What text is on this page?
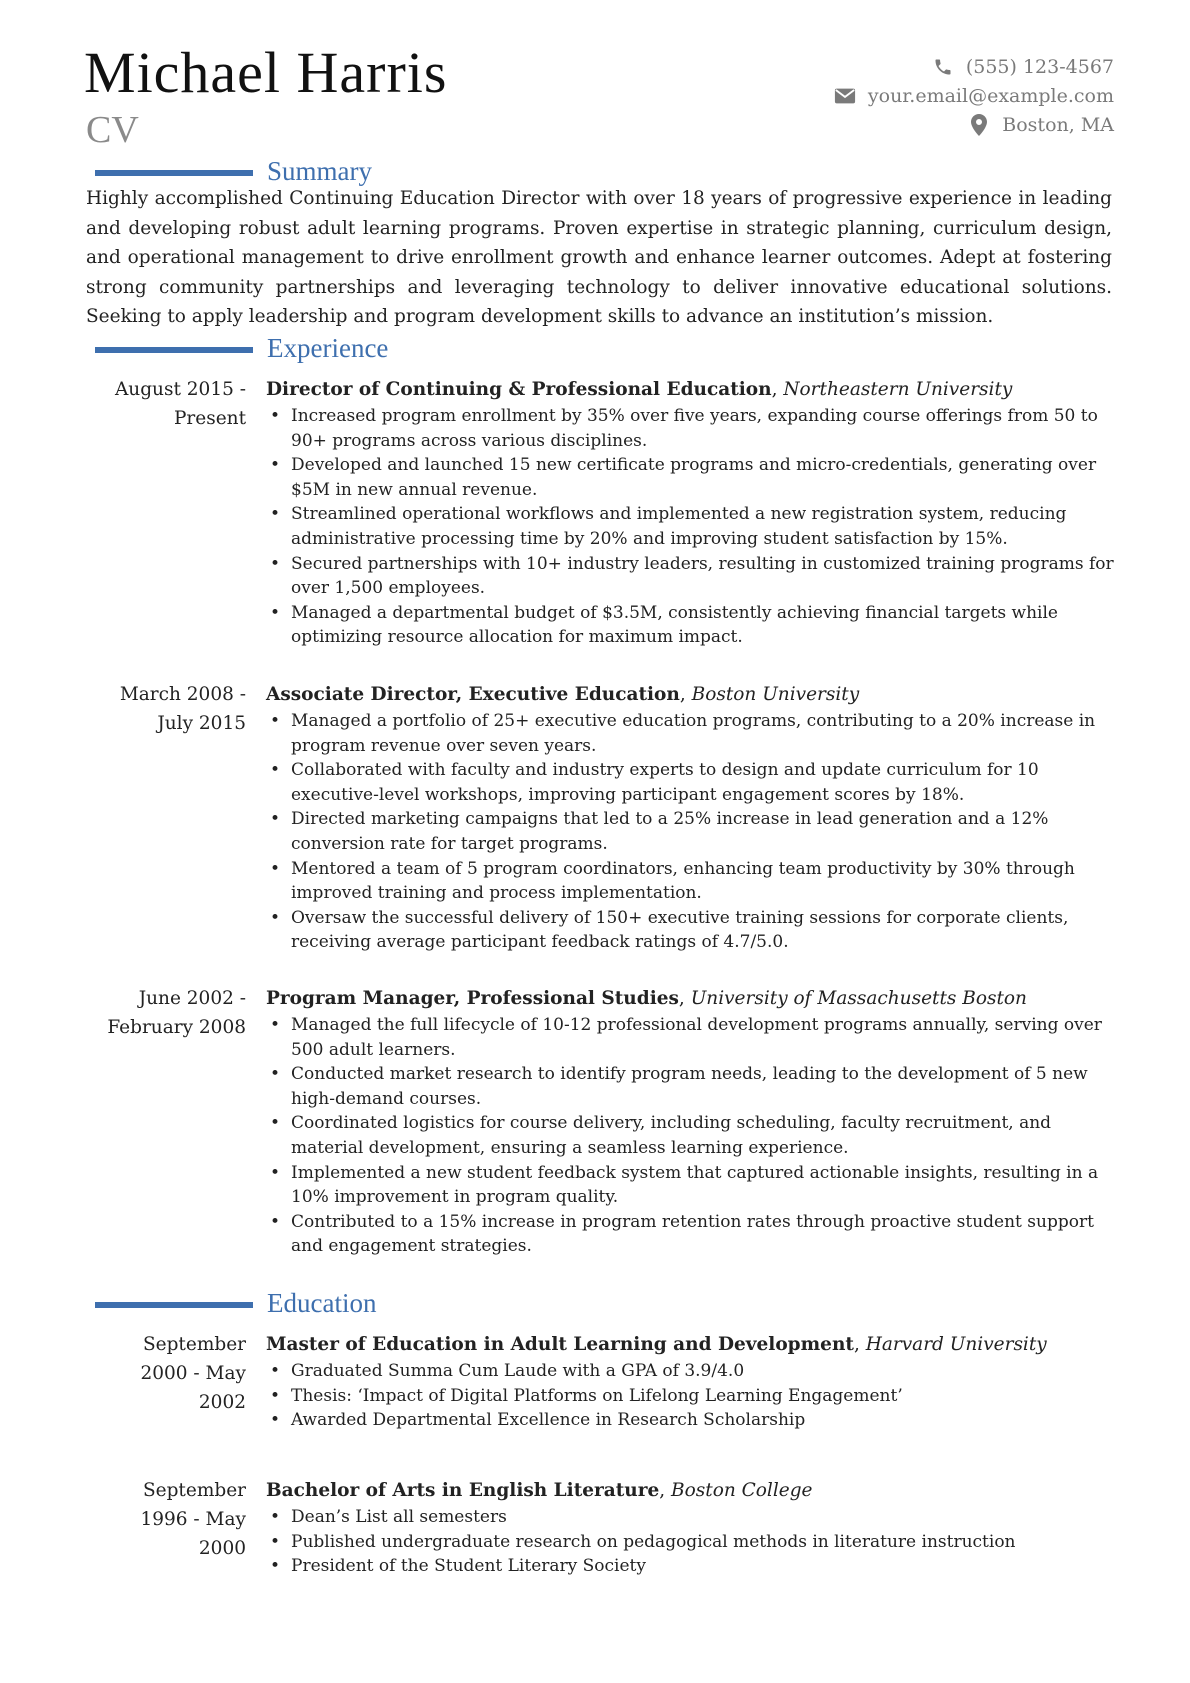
Michael Harris
CV
(555) 123-4567
your.email@example.com
Boston, MA
Summary

Highly accomplished Continuing Education Director with over 18 years of progressive experience in leading and developing robust adult learning programs. Proven expertise in strategic planning, curriculum design, and operational management to drive enrollment growth and enhance learner outcomes. Adept at fostering strong community partnerships and leveraging technology to deliver innovative educational solutions. Seeking to apply leadership and program development skills to advance an institution’s mission.

Experience
August 2015 -
Present

Director of Continuing & Professional Education, Northeastern University

• Increased program enrollment by 35% over five years, expanding course offerings from 50 to 90+ programs across various disciplines.
• Developed and launched 15 new certificate programs and micro-credentials, generating over $5M in new annual revenue.
• Streamlined operational workflows and implemented a new registration system, reducing administrative processing time by 20% and improving student satisfaction by 15%.
• Secured partnerships with 10+ industry leaders, resulting in customized training programs for over 1,500 employees.
• Managed a departmental budget of $3.5M, consistently achieving financial targets while optimizing resource allocation for maximum impact.
March 2008 -
July 2015

Associate Director, Executive Education, Boston University

• Managed a portfolio of 25+ executive education programs, contributing to a 20% increase in program revenue over seven years.
• Collaborated with faculty and industry experts to design and update curriculum for 10 executive-level workshops, improving participant engagement scores by 18%.
• Directed marketing campaigns that led to a 25% increase in lead generation and a 12% conversion rate for target programs.
• Mentored a team of 5 program coordinators, enhancing team productivity by 30% through improved training and process implementation.
• Oversaw the successful delivery of 150+ executive training sessions for corporate clients, receiving average participant feedback ratings of 4.7/5.0.
June 2002 -
February 2008

Program Manager, Professional Studies, University of Massachusetts Boston

• Managed the full lifecycle of 10-12 professional development programs annually, serving over 500 adult learners.
• Conducted market research to identify program needs, leading to the development of 5 new high-demand courses.
• Coordinated logistics for course delivery, including scheduling, faculty recruitment, and material development, ensuring a seamless learning experience.
• Implemented a new student feedback system that captured actionable insights, resulting in a 10% improvement in program quality.
• Contributed to a 15% increase in program retention rates through proactive student support and engagement strategies.
Education
September
2000 - May
2002

Master of Education in Adult Learning and Development, Harvard University

• Graduated Summa Cum Laude with a GPA of 3.9/4.0
• Thesis: ‘Impact of Digital Platforms on Lifelong Learning Engagement’
• Awarded Departmental Excellence in Research Scholarship
September
1996 - May
2000

Bachelor of Arts in English Literature, Boston College

• Dean’s List all semesters
• Published undergraduate research on pedagogical methods in literature instruction
• President of the Student Literary Society
